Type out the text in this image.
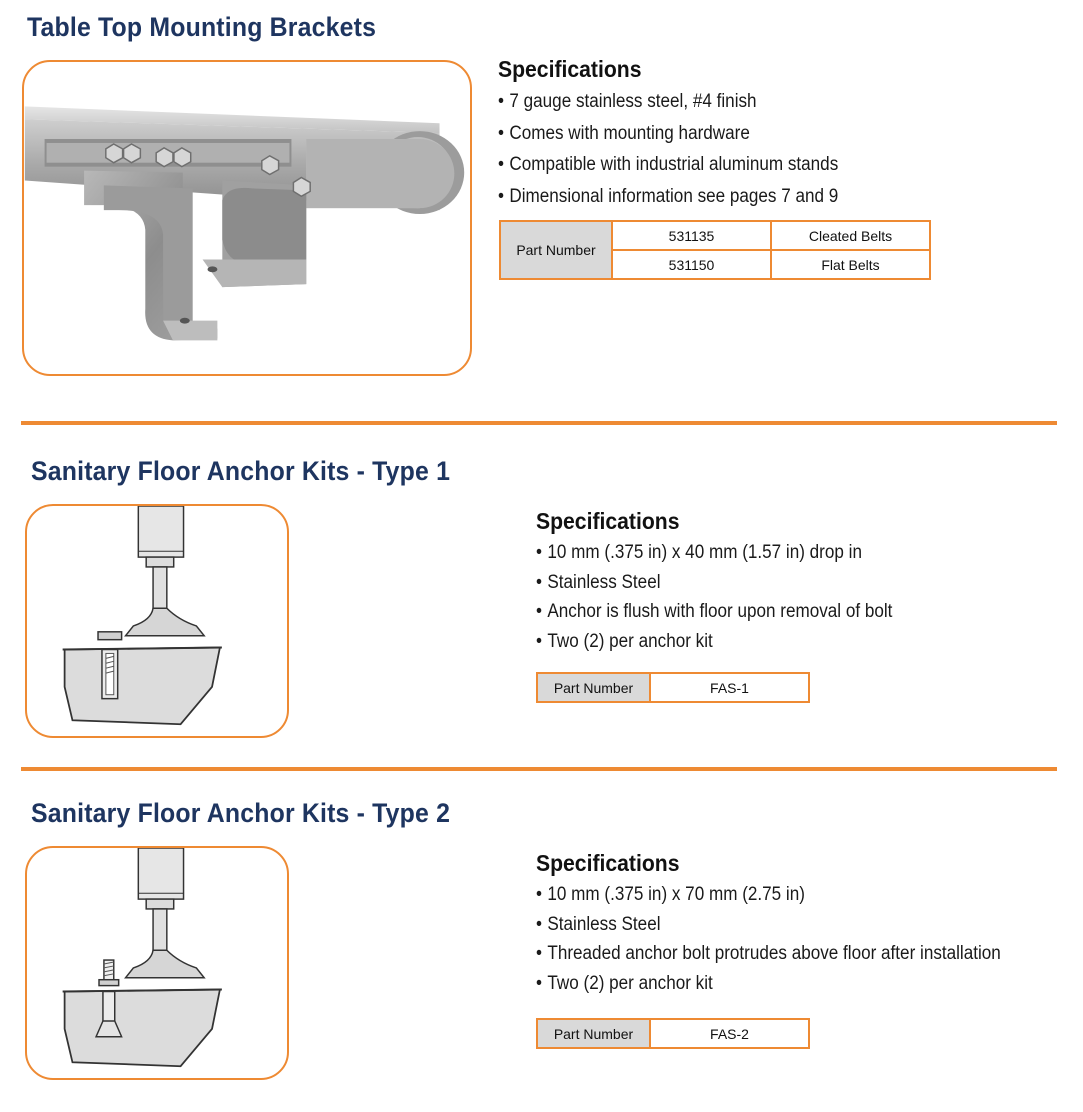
Table Top Mounting Brackets
Specifications
• 7 gauge stainless steel, #4 finish
• Comes with mounting hardware
• Compatible with industrial aluminum stands
• Dimensional information see pages 7 and 9
Part Number	531135	Cleated Belts
	531150	Flat Belts
Sanitary Floor Anchor Kits - Type 1
Specifications
• 10 mm (.375 in) x 40 mm (1.57 in) drop in
• Stainless Steel
• Anchor is flush with floor upon removal of bolt
• Two (2) per anchor kit
Part Number	FAS-1
Sanitary Floor Anchor Kits - Type 2
Specifications
• 10 mm (.375 in) x 70 mm (2.75 in)
• Stainless Steel
• Threaded anchor bolt protrudes above floor after installation
• Two (2) per anchor kit
Part Number	FAS-2
